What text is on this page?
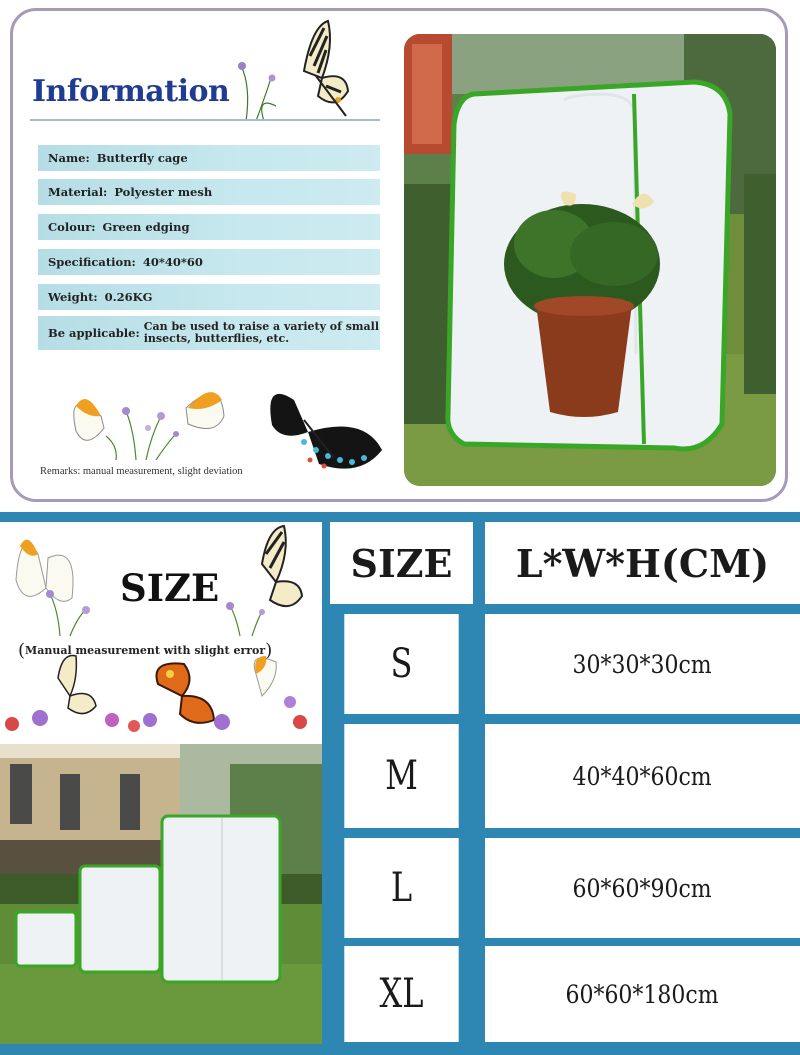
Information
Name: Butterfly cage
Material: Polyester mesh
Colour: Green edging
Specification: 40*40*60
Weight: 0.26KG
Be applicable: Can be used to raise a variety of small insects, butterflies, etc.
Remarks: manual measurement, slight deviation
SIZE
(Manual measurement with slight error)
SIZE	L*W*H(CM)
S	30*30*30cm
M	40*40*60cm
L	60*60*90cm
XL	60*60*180cm
